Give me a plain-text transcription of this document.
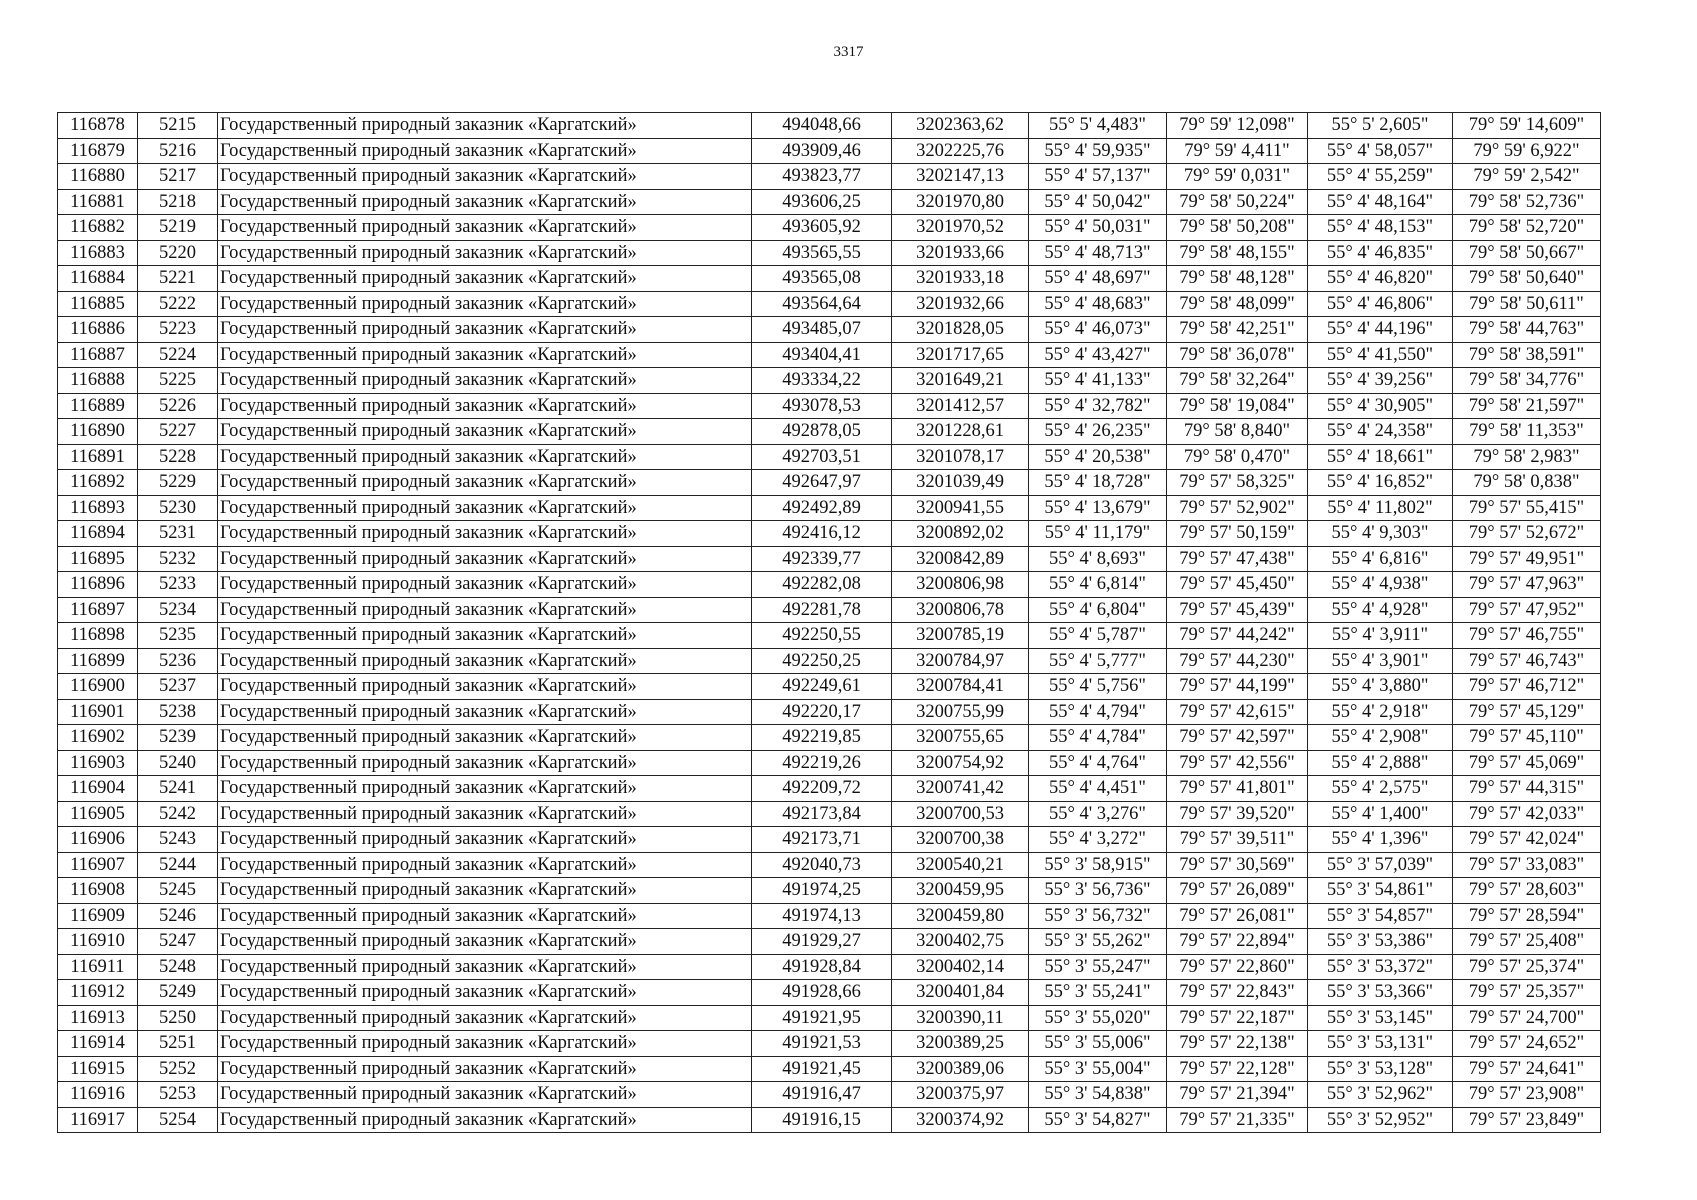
3317
116878	5215	Государственный природный заказник «Каргатский»	494048,66	3202363,62	55° 5' 4,483"	79° 59' 12,098"	55° 5' 2,605"	79° 59' 14,609"
116879	5216	Государственный природный заказник «Каргатский»	493909,46	3202225,76	55° 4' 59,935"	79° 59' 4,411"	55° 4' 58,057"	79° 59' 6,922"
116880	5217	Государственный природный заказник «Каргатский»	493823,77	3202147,13	55° 4' 57,137"	79° 59' 0,031"	55° 4' 55,259"	79° 59' 2,542"
116881	5218	Государственный природный заказник «Каргатский»	493606,25	3201970,80	55° 4' 50,042"	79° 58' 50,224"	55° 4' 48,164"	79° 58' 52,736"
116882	5219	Государственный природный заказник «Каргатский»	493605,92	3201970,52	55° 4' 50,031"	79° 58' 50,208"	55° 4' 48,153"	79° 58' 52,720"
116883	5220	Государственный природный заказник «Каргатский»	493565,55	3201933,66	55° 4' 48,713"	79° 58' 48,155"	55° 4' 46,835"	79° 58' 50,667"
116884	5221	Государственный природный заказник «Каргатский»	493565,08	3201933,18	55° 4' 48,697"	79° 58' 48,128"	55° 4' 46,820"	79° 58' 50,640"
116885	5222	Государственный природный заказник «Каргатский»	493564,64	3201932,66	55° 4' 48,683"	79° 58' 48,099"	55° 4' 46,806"	79° 58' 50,611"
116886	5223	Государственный природный заказник «Каргатский»	493485,07	3201828,05	55° 4' 46,073"	79° 58' 42,251"	55° 4' 44,196"	79° 58' 44,763"
116887	5224	Государственный природный заказник «Каргатский»	493404,41	3201717,65	55° 4' 43,427"	79° 58' 36,078"	55° 4' 41,550"	79° 58' 38,591"
116888	5225	Государственный природный заказник «Каргатский»	493334,22	3201649,21	55° 4' 41,133"	79° 58' 32,264"	55° 4' 39,256"	79° 58' 34,776"
116889	5226	Государственный природный заказник «Каргатский»	493078,53	3201412,57	55° 4' 32,782"	79° 58' 19,084"	55° 4' 30,905"	79° 58' 21,597"
116890	5227	Государственный природный заказник «Каргатский»	492878,05	3201228,61	55° 4' 26,235"	79° 58' 8,840"	55° 4' 24,358"	79° 58' 11,353"
116891	5228	Государственный природный заказник «Каргатский»	492703,51	3201078,17	55° 4' 20,538"	79° 58' 0,470"	55° 4' 18,661"	79° 58' 2,983"
116892	5229	Государственный природный заказник «Каргатский»	492647,97	3201039,49	55° 4' 18,728"	79° 57' 58,325"	55° 4' 16,852"	79° 58' 0,838"
116893	5230	Государственный природный заказник «Каргатский»	492492,89	3200941,55	55° 4' 13,679"	79° 57' 52,902"	55° 4' 11,802"	79° 57' 55,415"
116894	5231	Государственный природный заказник «Каргатский»	492416,12	3200892,02	55° 4' 11,179"	79° 57' 50,159"	55° 4' 9,303"	79° 57' 52,672"
116895	5232	Государственный природный заказник «Каргатский»	492339,77	3200842,89	55° 4' 8,693"	79° 57' 47,438"	55° 4' 6,816"	79° 57' 49,951"
116896	5233	Государственный природный заказник «Каргатский»	492282,08	3200806,98	55° 4' 6,814"	79° 57' 45,450"	55° 4' 4,938"	79° 57' 47,963"
116897	5234	Государственный природный заказник «Каргатский»	492281,78	3200806,78	55° 4' 6,804"	79° 57' 45,439"	55° 4' 4,928"	79° 57' 47,952"
116898	5235	Государственный природный заказник «Каргатский»	492250,55	3200785,19	55° 4' 5,787"	79° 57' 44,242"	55° 4' 3,911"	79° 57' 46,755"
116899	5236	Государственный природный заказник «Каргатский»	492250,25	3200784,97	55° 4' 5,777"	79° 57' 44,230"	55° 4' 3,901"	79° 57' 46,743"
116900	5237	Государственный природный заказник «Каргатский»	492249,61	3200784,41	55° 4' 5,756"	79° 57' 44,199"	55° 4' 3,880"	79° 57' 46,712"
116901	5238	Государственный природный заказник «Каргатский»	492220,17	3200755,99	55° 4' 4,794"	79° 57' 42,615"	55° 4' 2,918"	79° 57' 45,129"
116902	5239	Государственный природный заказник «Каргатский»	492219,85	3200755,65	55° 4' 4,784"	79° 57' 42,597"	55° 4' 2,908"	79° 57' 45,110"
116903	5240	Государственный природный заказник «Каргатский»	492219,26	3200754,92	55° 4' 4,764"	79° 57' 42,556"	55° 4' 2,888"	79° 57' 45,069"
116904	5241	Государственный природный заказник «Каргатский»	492209,72	3200741,42	55° 4' 4,451"	79° 57' 41,801"	55° 4' 2,575"	79° 57' 44,315"
116905	5242	Государственный природный заказник «Каргатский»	492173,84	3200700,53	55° 4' 3,276"	79° 57' 39,520"	55° 4' 1,400"	79° 57' 42,033"
116906	5243	Государственный природный заказник «Каргатский»	492173,71	3200700,38	55° 4' 3,272"	79° 57' 39,511"	55° 4' 1,396"	79° 57' 42,024"
116907	5244	Государственный природный заказник «Каргатский»	492040,73	3200540,21	55° 3' 58,915"	79° 57' 30,569"	55° 3' 57,039"	79° 57' 33,083"
116908	5245	Государственный природный заказник «Каргатский»	491974,25	3200459,95	55° 3' 56,736"	79° 57' 26,089"	55° 3' 54,861"	79° 57' 28,603"
116909	5246	Государственный природный заказник «Каргатский»	491974,13	3200459,80	55° 3' 56,732"	79° 57' 26,081"	55° 3' 54,857"	79° 57' 28,594"
116910	5247	Государственный природный заказник «Каргатский»	491929,27	3200402,75	55° 3' 55,262"	79° 57' 22,894"	55° 3' 53,386"	79° 57' 25,408"
116911	5248	Государственный природный заказник «Каргатский»	491928,84	3200402,14	55° 3' 55,247"	79° 57' 22,860"	55° 3' 53,372"	79° 57' 25,374"
116912	5249	Государственный природный заказник «Каргатский»	491928,66	3200401,84	55° 3' 55,241"	79° 57' 22,843"	55° 3' 53,366"	79° 57' 25,357"
116913	5250	Государственный природный заказник «Каргатский»	491921,95	3200390,11	55° 3' 55,020"	79° 57' 22,187"	55° 3' 53,145"	79° 57' 24,700"
116914	5251	Государственный природный заказник «Каргатский»	491921,53	3200389,25	55° 3' 55,006"	79° 57' 22,138"	55° 3' 53,131"	79° 57' 24,652"
116915	5252	Государственный природный заказник «Каргатский»	491921,45	3200389,06	55° 3' 55,004"	79° 57' 22,128"	55° 3' 53,128"	79° 57' 24,641"
116916	5253	Государственный природный заказник «Каргатский»	491916,47	3200375,97	55° 3' 54,838"	79° 57' 21,394"	55° 3' 52,962"	79° 57' 23,908"
116917	5254	Государственный природный заказник «Каргатский»	491916,15	3200374,92	55° 3' 54,827"	79° 57' 21,335"	55° 3' 52,952"	79° 57' 23,849"
